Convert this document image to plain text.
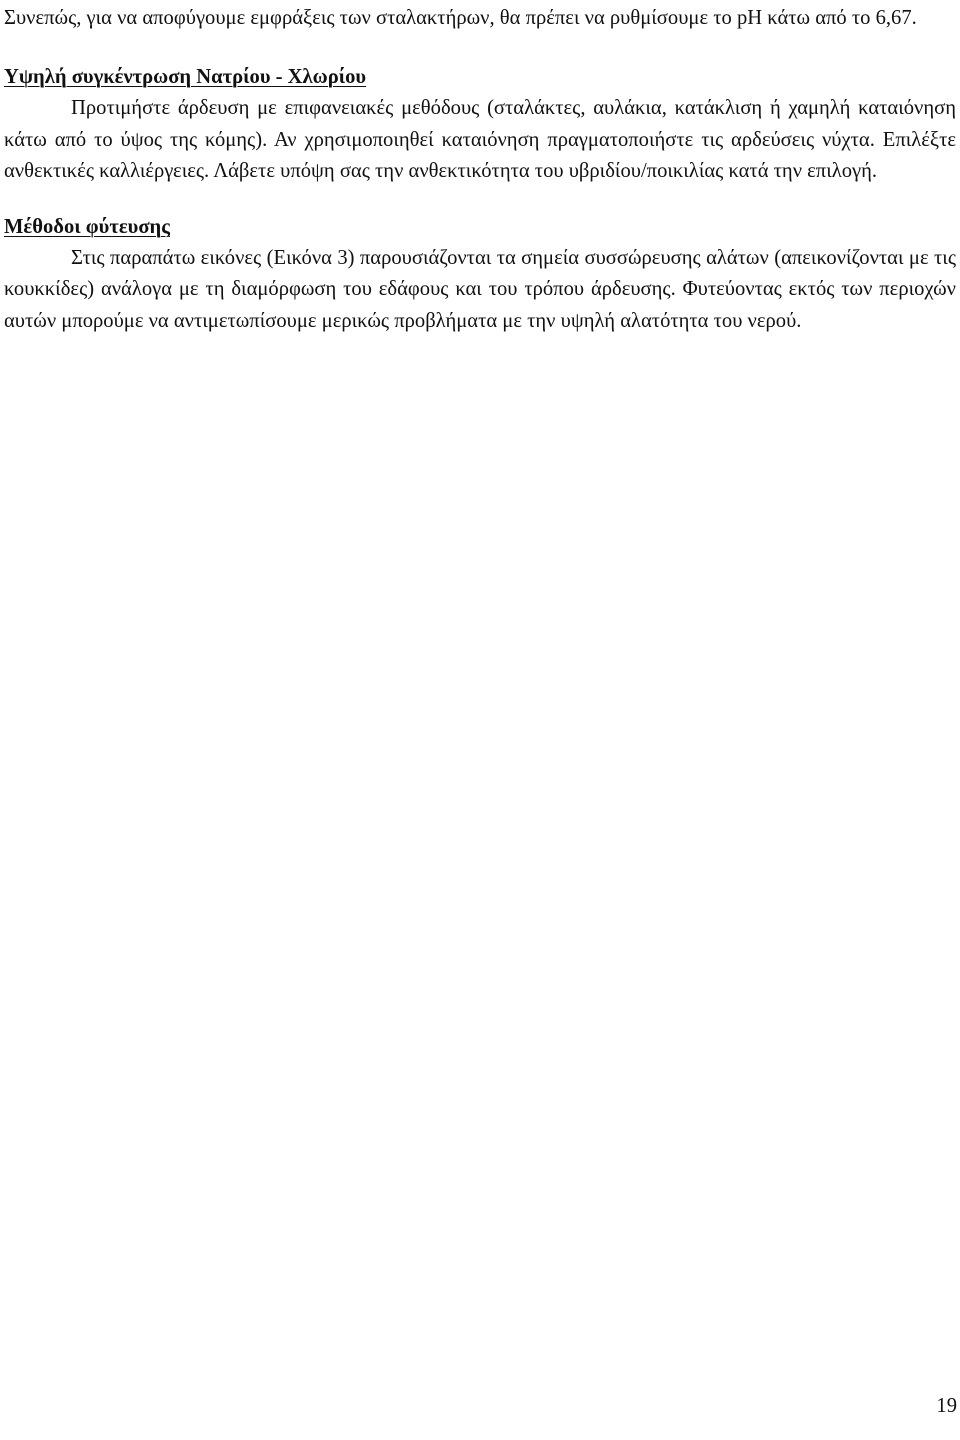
Συνεπώς, για να αποφύγουμε εμφράξεις των σταλακτήρων, θα πρέπει να ρυθμίσουμε το pH κάτω από το 6,67.

Υψηλή συγκέντρωση Νατρίου - Χλωρίου

Προτιμήστε άρδευση με επιφανειακές μεθόδους (σταλάκτες, αυλάκια, κατάκλιση ή χαμηλή καταιόνηση κάτω από το ύψος της κόμης). Αν χρησιμοποιηθεί καταιόνηση πραγματοποιήστε τις αρδεύσεις νύχτα. Επιλέξτε ανθεκτικές καλλιέργειες. Λάβετε υπόψη σας την ανθεκτικότητα του υβριδίου/ποικιλίας κατά την επιλογή.

Μέθοδοι φύτευσης

Στις παραπάτω εικόνες (Εικόνα 3) παρουσιάζονται τα σημεία συσσώρευσης αλάτων (απεικονίζονται με τις κουκκίδες) ανάλογα με τη διαμόρφωση του εδάφους και του τρόπου άρδευσης. Φυτεύοντας εκτός των περιοχών αυτών μπορούμε να αντιμετωπίσουμε μερικώς προβλήματα με την υψηλή αλατότητα του νερού.

19
